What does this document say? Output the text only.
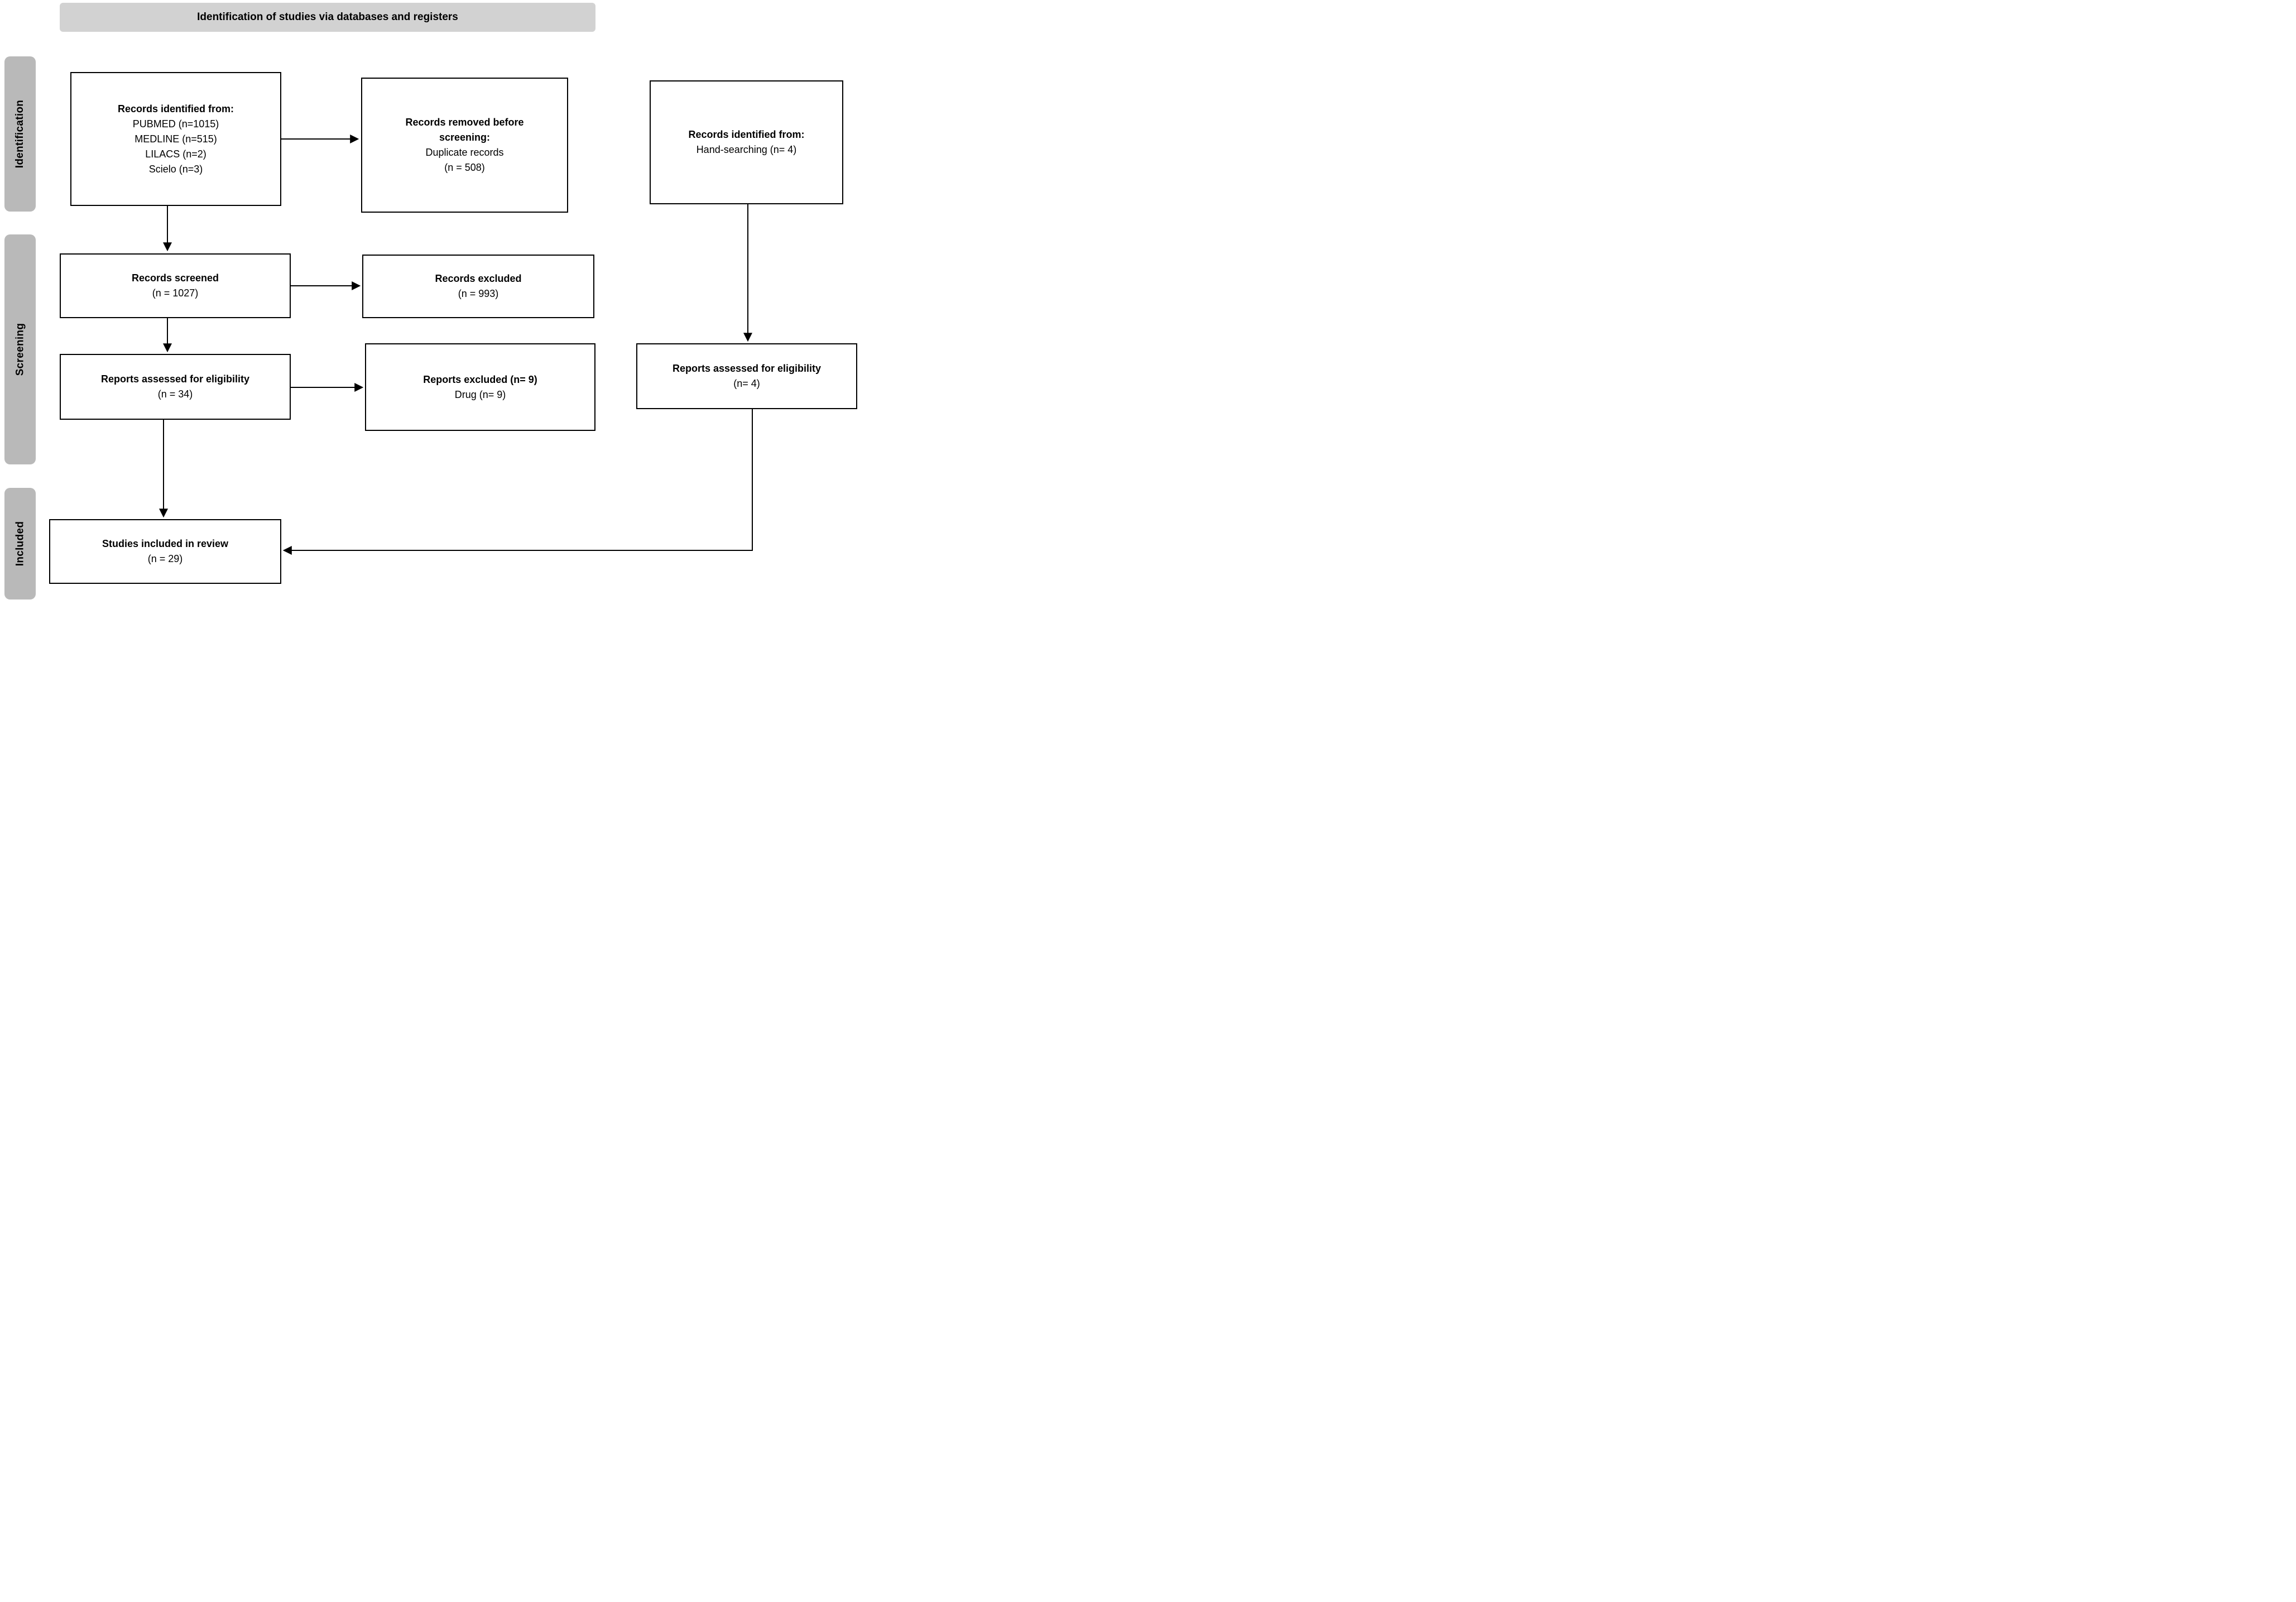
Identification of studies via databases and registers
Identification
Screening
Included
Records identified from:
PUBMED (n=1015)
MEDLINE (n=515)
LILACS (n=2)
Scielo (n=3)
Records removed before screening:
Duplicate records
(n = 508)
Records identified from:
Hand-searching (n= 4)
Records screened
(n = 1027)
Records excluded
(n = 993)
Reports assessed for eligibility
(n = 34)
Reports excluded (n= 9)
Drug (n= 9)
Reports assessed for eligibility
(n= 4)
Studies included in review
(n = 29)
